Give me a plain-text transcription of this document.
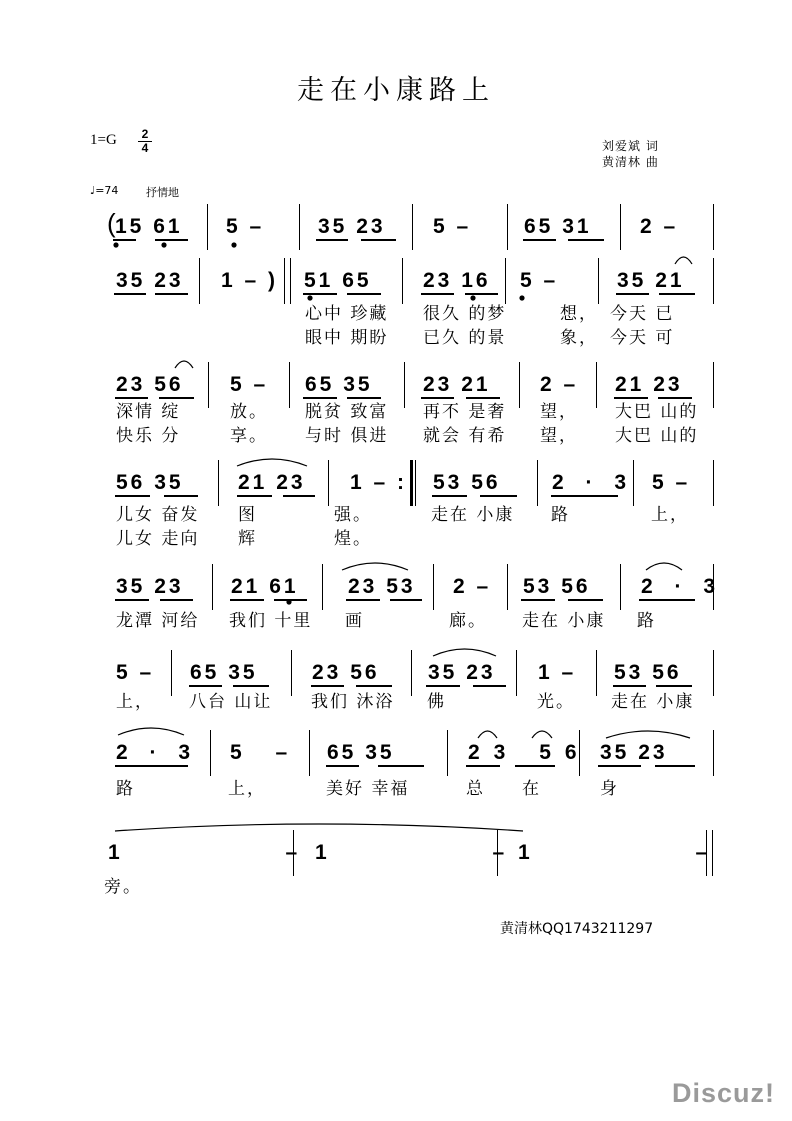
走在小康路上
1=G	2
4	刘爱斌 词
黄清林 曲
♩=74	抒情地
(
15 61 5 –	35 23 5 –	65 31 2 –
35 23 1 – ) 51 65 23 16 5 –	35 21
心中 珍藏 很久 的梦	想， 今天 已
眼中 期盼 已久 的景	象， 今天 可
23 56 5 – 65 35 23 21 2 – 21 23
深情 绽	放。 脱贫 致富 再不 是奢 望， 大巴 山的
快乐 分	享。 与时 俱进 就会 有希 望， 大巴 山的
56 35	21 23 1 – : 53 56 2 · 3 5 –
儿女 奋发 图	强。	走在 小康 路	上，
儿女 走向 辉	煌。
35 23 21 61 23 53 2 – 53 56 2 · 3
龙潭 河给 我们 十里 画	廊。 走在 小康 路
5 – 65 35	23 56 35 23 1 – 53 56
上， 八台 山让 我们 沐浴 佛	光。 走在 小康
2 · 3 5 – 65 35	23 56 35 23
路	上，	美好 幸福	总 在	身
1 –
1 –
1 –
旁。
黄清林QQ1743211297
Discuz!
